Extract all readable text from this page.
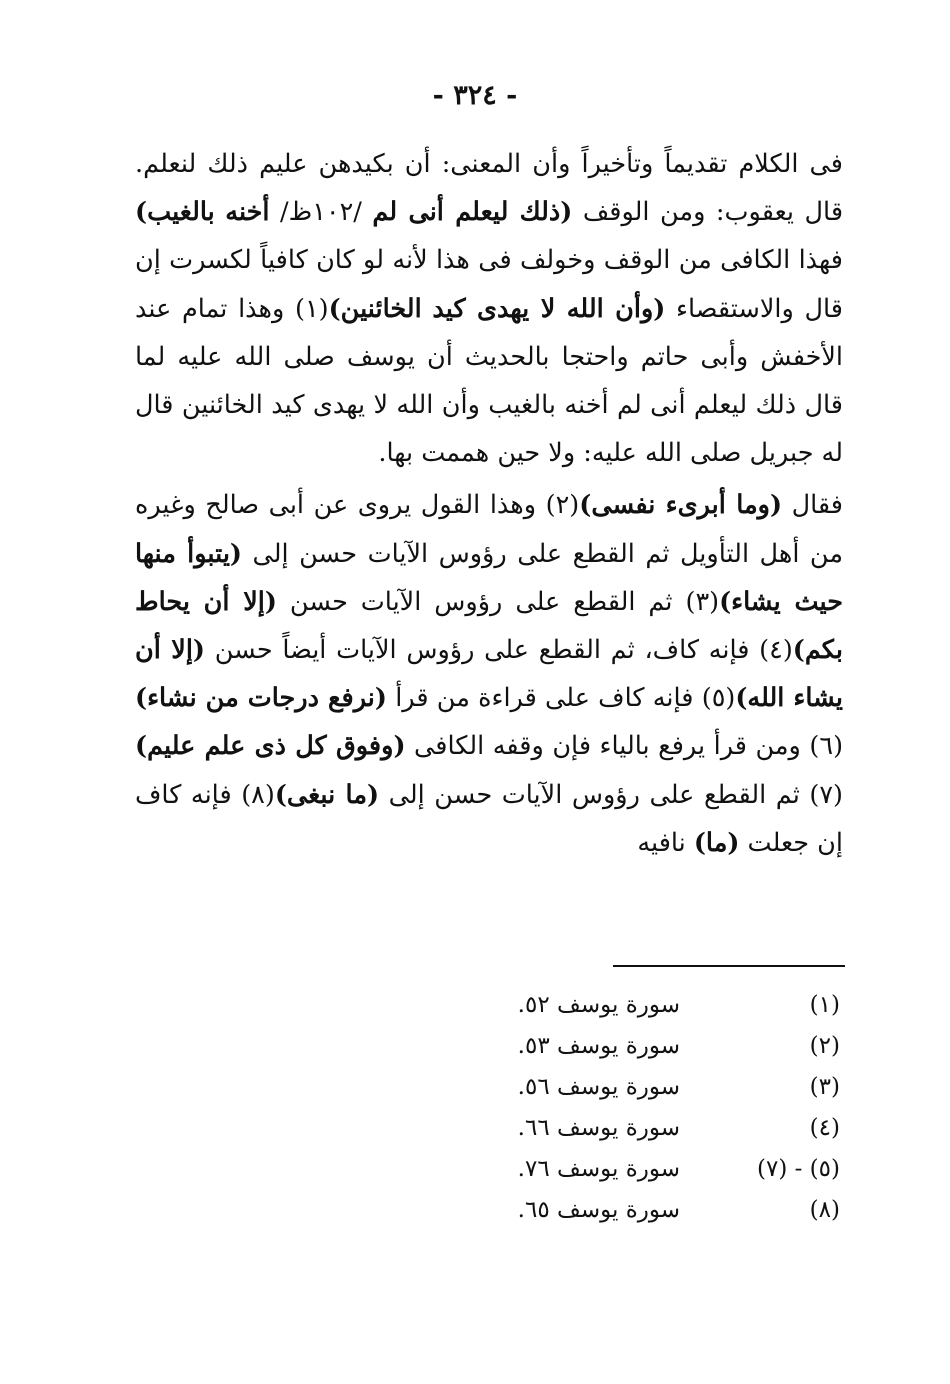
- ٣٢٤ -

فى الكلام تقديماً وتأخيراً وأن المعنى: أن بكيدهن عليم ذلك لنعلم. قال يعقوب: ومن الوقف (ذلك ليعلم أنى لم /١٠٢ظ/ أخنه بالغيب) فهذا الكافى من الوقف وخولف فى هذا لأنه لو كان كافياً لكسرت إن قال والاستقصاء (وأن الله لا يهدى كيد الخائنين)(١) وهذا تمام عند الأخفش وأبى حاتم واحتجا بالحديث أن يوسف صلى الله عليه لما قال ذلك ليعلم أنى لم أخنه بالغيب وأن الله لا يهدى كيد الخائنين قال له جبريل صلى الله عليه: ولا حين هممت بها.

فقال (وما أبرىء نفسى)(٢) وهذا القول يروى عن أبى صالح وغيره من أهل التأويل ثم القطع على رؤوس الآيات حسن إلى (يتبوأ منها حيث يشاء)(٣) ثم القطع على رؤوس الآيات حسن (إلا أن يحاط بكم)(٤) فإنه كاف، ثم القطع على رؤوس الآيات أيضاً حسن (إلا أن يشاء الله)(٥) فإنه كاف على قراءة من قرأ (نرفع درجات من نشاء)(٦) ومن قرأ يرفع بالياء فإن وقفه الكافى (وفوق كل ذى علم عليم)(٧) ثم القطع على رؤوس الآيات حسن إلى (ما نبغى)(٨) فإنه كاف إن جعلت (ما) نافيه

(١)
سورة يوسف ٥٢.
(٢)
سورة يوسف ٥٣.
(٣)
سورة يوسف ٥٦.
(٤)
سورة يوسف ٦٦.
(٥) - (٧)
سورة يوسف ٧٦.
(٨)
سورة يوسف ٦٥.
